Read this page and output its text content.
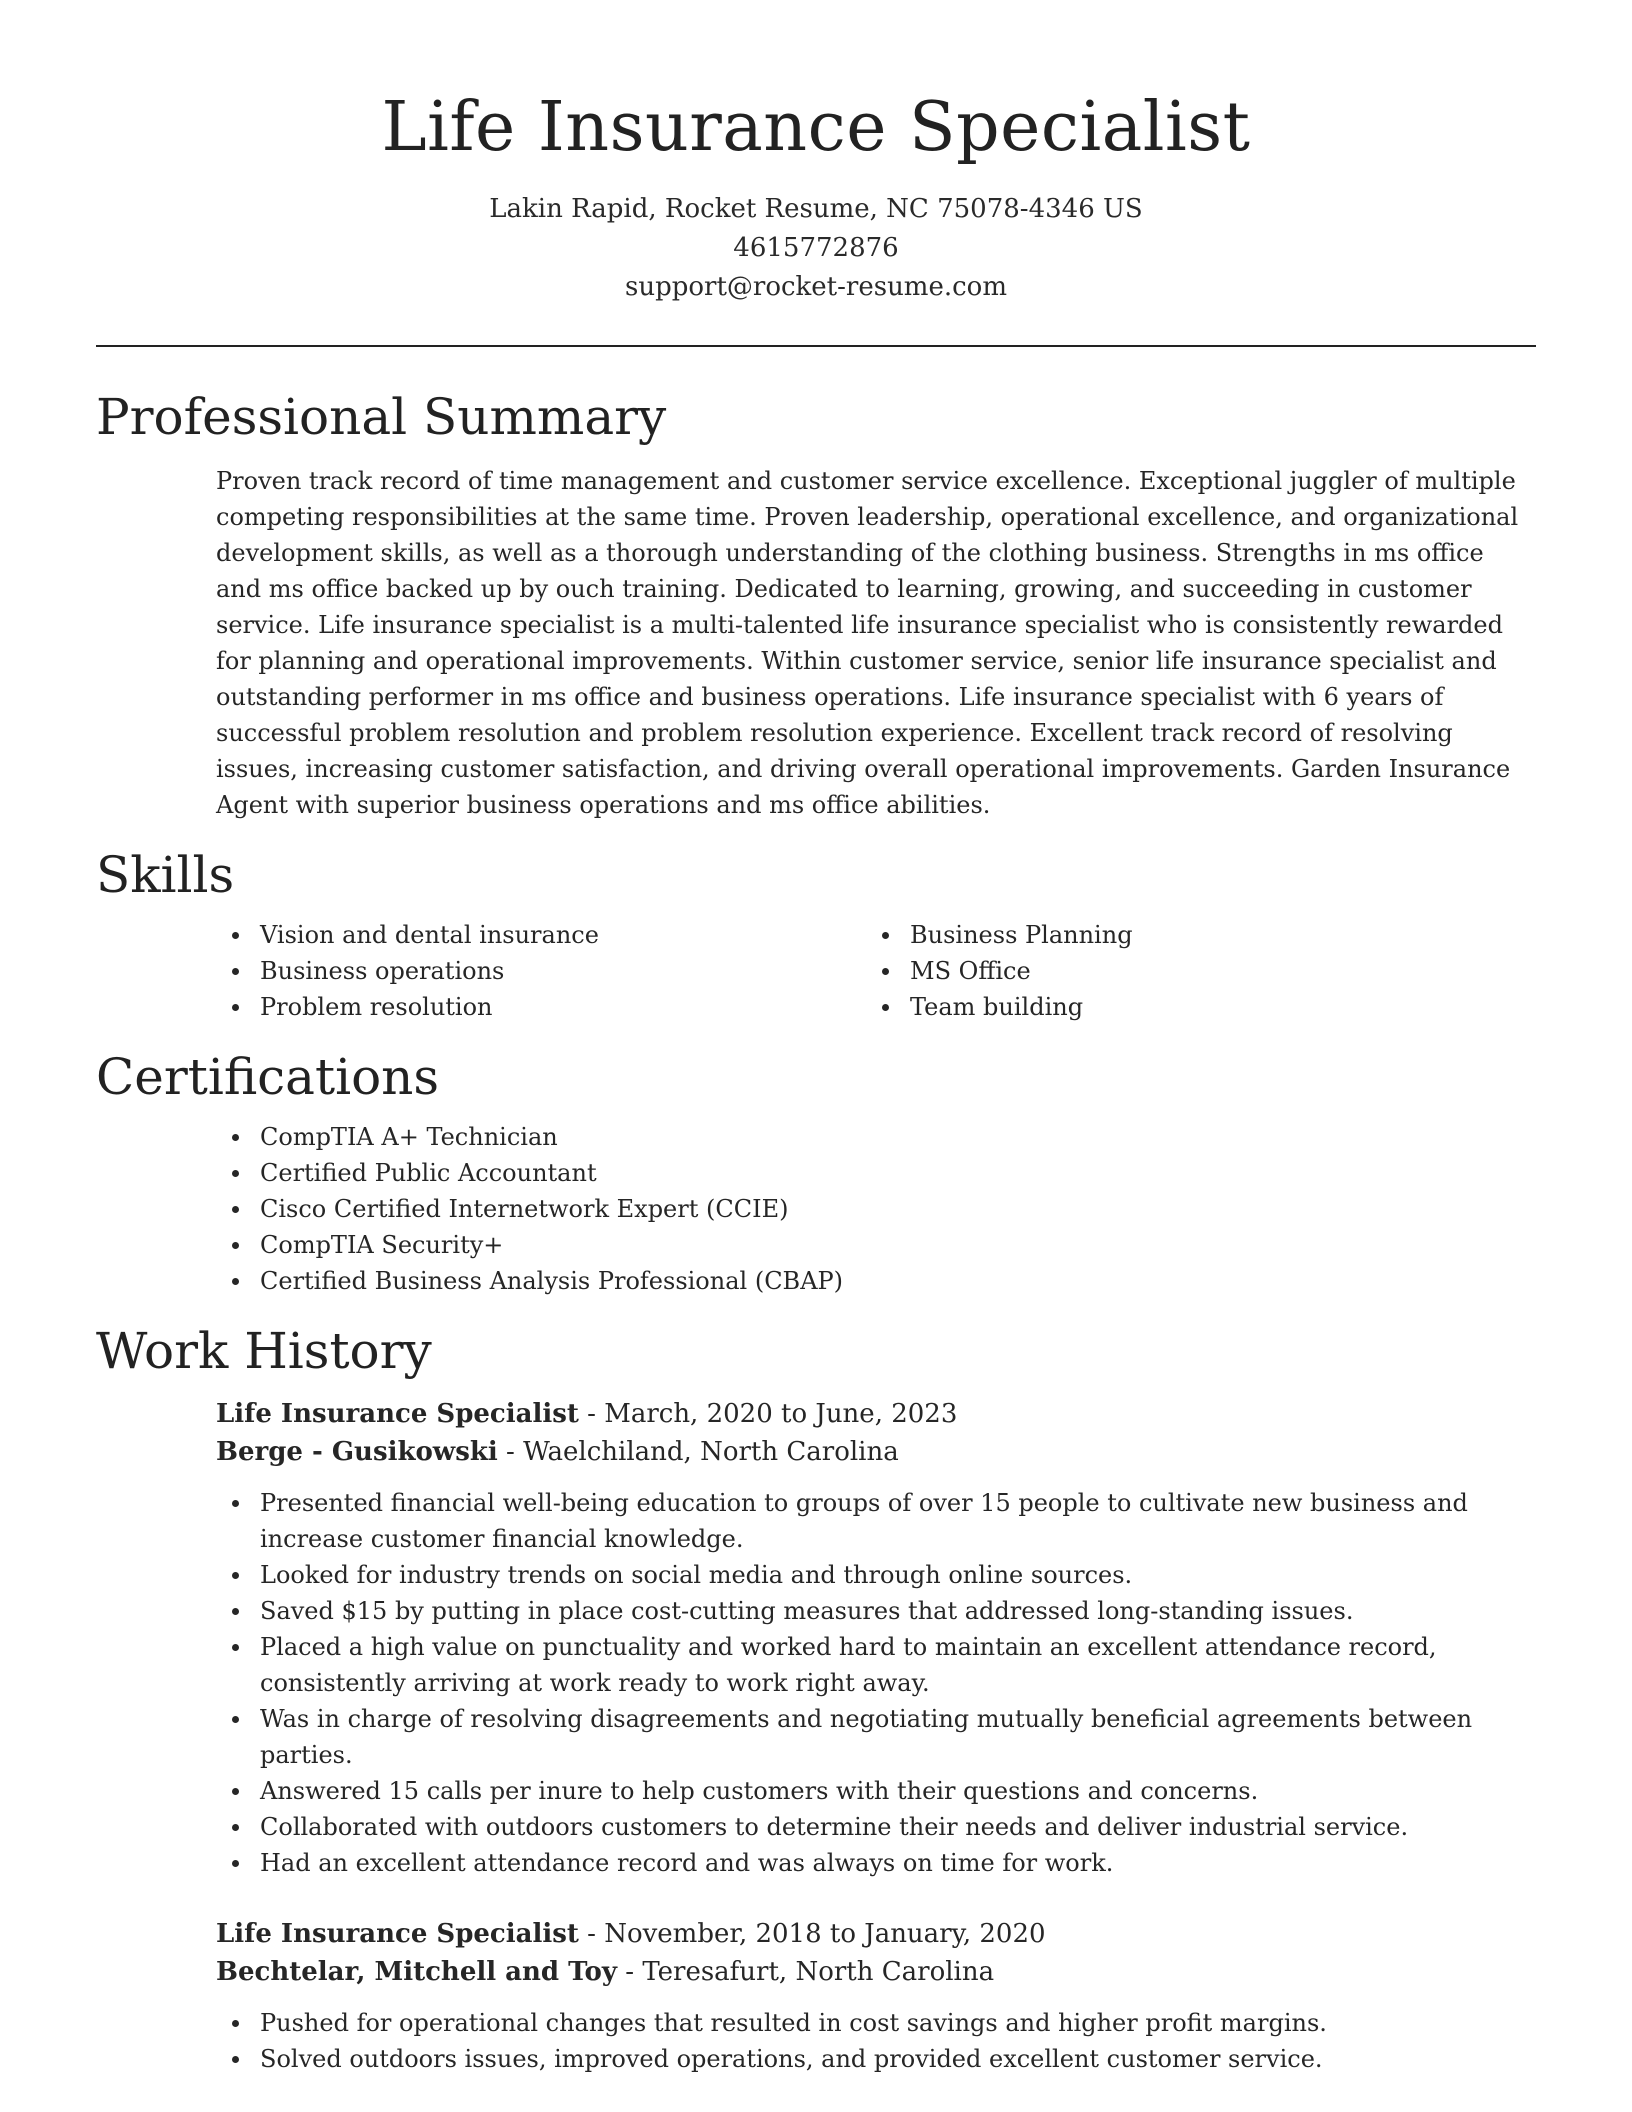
Life Insurance Specialist
Lakin Rapid, Rocket Resume, NC 75078-4346 US
4615772876
support@rocket-resume.com
Professional Summary

Proven track record of time management and customer service excellence. Exceptional juggler of multiple competing responsibilities at the same time. Proven leadership, operational excellence, and organizational development skills, as well as a thorough understanding of the clothing business. Strengths in ms office and ms office backed up by ouch training. Dedicated to learning, growing, and succeeding in customer service. Life insurance specialist is a multi-talented life insurance specialist who is consistently rewarded for planning and operational improvements. Within customer service, senior life insurance specialist and outstanding performer in ms office and business operations. Life insurance specialist with 6 years of successful problem resolution and problem resolution experience. Excellent track record of resolving issues, increasing customer satisfaction, and driving overall operational improvements. Garden Insurance Agent with superior business operations and ms office abilities.

Skills
Vision and dental insurance
Business operations
Problem resolution
Business Planning
MS Office
Team building
Certifications
CompTIA A+ Technician
Certified Public Accountant
Cisco Certified Internetwork Expert (CCIE)
CompTIA Security+
Certified Business Analysis Professional (CBAP)
Work History
Life Insurance Specialist - March, 2020 to June, 2023
Berge - Gusikowski - Waelchiland, North Carolina
Presented financial well-being education to groups of over 15 people to cultivate new business and increase customer financial knowledge.
Looked for industry trends on social media and through online sources.
Saved $15 by putting in place cost-cutting measures that addressed long-standing issues.
Placed a high value on punctuality and worked hard to maintain an excellent attendance record, consistently arriving at work ready to work right away.
Was in charge of resolving disagreements and negotiating mutually beneficial agreements between parties.
Answered 15 calls per inure to help customers with their questions and concerns.
Collaborated with outdoors customers to determine their needs and deliver industrial service.
Had an excellent attendance record and was always on time for work.
Life Insurance Specialist - November, 2018 to January, 2020
Bechtelar, Mitchell and Toy - Teresafurt, North Carolina
Pushed for operational changes that resulted in cost savings and higher profit margins.
Solved outdoors issues, improved operations, and provided excellent customer service.
